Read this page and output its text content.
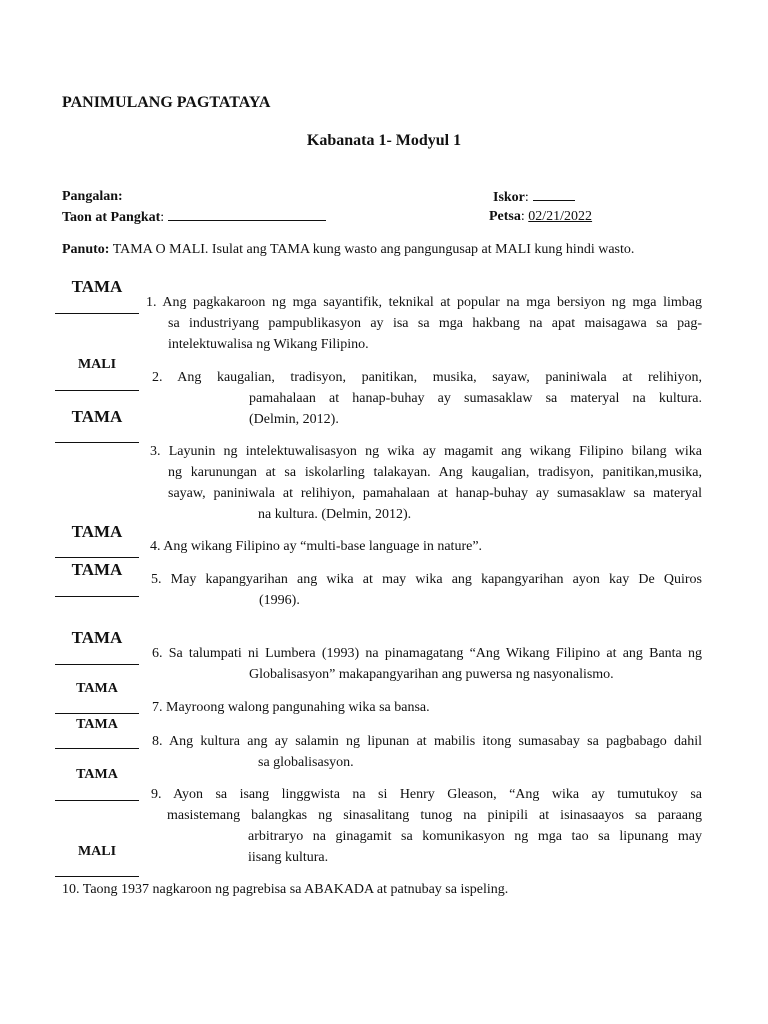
PANIMULANG PAGTATAYA
Kabanata 1- Modyul 1
Pangalan:
Taon at Pangkat:
Iskor:
Petsa: 02/21/2022
Panuto: TAMA O MALI. Isulat ang TAMA kung wasto ang pangungusap at MALI kung hindi wasto.
TAMA
MALI
TAMA
TAMA
TAMA
TAMA
TAMA
TAMA
TAMA
MALI
1. Ang pagkakaroon ng mga sayantifik, teknikal at popular na mga bersiyon ng mga limbag
sa industriyang pampublikasyon ay isa sa mga hakbang na apat maisagawa sa pag-
intelektuwalisa ng Wikang Filipino.
2. Ang kaugalian, tradisyon, panitikan, musika, sayaw, paniniwala at relihiyon,
pamahalaan at hanap-buhay ay sumasaklaw sa materyal na kultura.
(Delmin, 2012).
3. Layunin ng intelektuwalisasyon ng wika ay magamit ang wikang Filipino bilang wika
ng karunungan at sa iskolarling talakayan. Ang kaugalian, tradisyon, panitikan,musika,
sayaw, paniniwala at relihiyon, pamahalaan at hanap-buhay ay sumasaklaw sa materyal
na kultura. (Delmin, 2012).
4. Ang wikang Filipino ay “multi-base language in nature”.
5. May kapangyarihan ang wika at may wika ang kapangyarihan ayon kay De Quiros
(1996).
6. Sa talumpati ni Lumbera (1993) na pinamagatang “Ang Wikang Filipino at ang Banta ng
Globalisasyon” makapangyarihan ang puwersa ng nasyonalismo.
7. Mayroong walong pangunahing wika sa bansa.
8. Ang kultura ang ay salamin ng lipunan at mabilis itong sumasabay sa pagbabago dahil
sa globalisasyon.
9. Ayon sa isang linggwista na si Henry Gleason, “Ang wika ay tumutukoy sa
masistemang balangkas ng sinasalitang tunog na pinipili at isinasaayos sa paraang
arbitraryo na ginagamit sa komunikasyon ng mga tao sa lipunang may
iisang kultura.
10. Taong 1937 nagkaroon ng pagrebisa sa ABAKADA at patnubay sa ispeling.
